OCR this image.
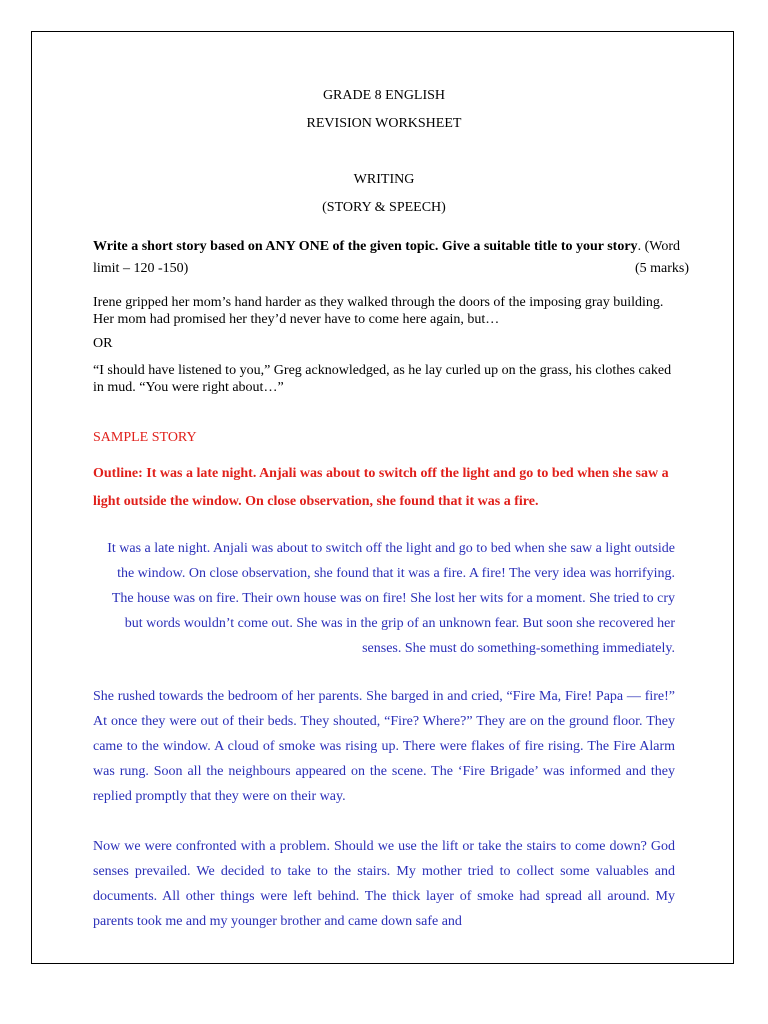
GRADE 8 ENGLISH
REVISION WORKSHEET
WRITING
(STORY & SPEECH)
Write a short story based on ANY ONE of the given topic. Give a suitable title to your story. (Word limit – 120 -150)	(5 marks)
Irene gripped her mom’s hand harder as they walked through the doors of the imposing gray building. Her mom had promised her they’d never have to come here again, but…
OR
“I should have listened to you,” Greg acknowledged, as he lay curled up on the grass, his clothes caked in mud. “You were right about…”
SAMPLE STORY
Outline: It was a late night. Anjali was about to switch off the light and go to bed when she saw a light outside the window. On close observation, she found that it was a fire.
It was a late night. Anjali was about to switch off the light and go to bed when she saw a light outside the window. On close observation, she found that it was a fire. A fire! The very idea was horrifying. The house was on fire. Their own house was on fire! She lost her wits for a moment. She tried to cry but words wouldn’t come out. She was in the grip of an unknown fear. But soon she recovered her senses. She must do something-something immediately.
She rushed towards the bedroom of her parents. She barged in and cried, “Fire Ma, Fire! Papa — fire!” At once they were out of their beds. They shouted, “Fire? Where?” They are on the ground floor. They came to the window. A cloud of smoke was rising up. There were flakes of fire rising. The Fire Alarm was rung. Soon all the neighbours appeared on the scene. The ‘Fire Brigade’ was informed and they replied promptly that they were on their way.
Now we were confronted with a problem. Should we use the lift or take the stairs to come down? God senses prevailed. We decided to take to the stairs. My mother tried to collect some valuables and documents. All other things were left behind. The thick layer of smoke had spread all around. My parents took me and my younger brother and came down safe and
